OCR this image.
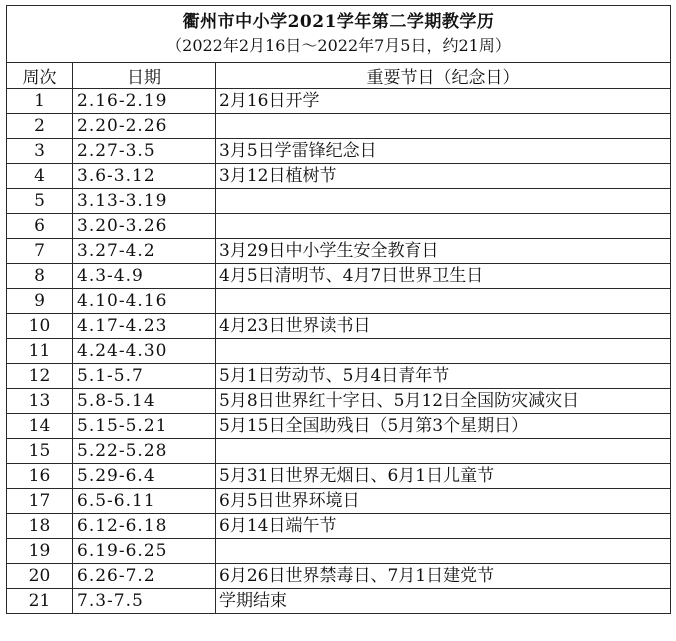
衢州市中小学2021学年第二学期教学历
（2022年2月16日～2022年7月5日，约21周）		

周次	日期	重要节日（纪念日）
1	2.16-2.19	2月16日开学
2	2.20-2.26	
3	2.27-3.5	3月5日学雷锋纪念日
4	3.6-3.12	3月12日植树节
5	3.13-3.19	
6	3.20-3.26	
7	3.27-4.2	3月29日中小学生安全教育日
8	4.3-4.9	4月5日清明节、4月7日世界卫生日
9	4.10-4.16	
10	4.17-4.23	4月23日世界读书日
11	4.24-4.30	
12	5.1-5.7	5月1日劳动节、5月4日青年节
13	5.8-5.14	5月8日世界红十字日、5月12日全国防灾减灾日
14	5.15-5.21	5月15日全国助残日（5月第3个星期日）
15	5.22-5.28	
16	5.29-6.4	5月31日世界无烟日、6月1日儿童节
17	6.5-6.11	6月5日世界环境日
18	6.12-6.18	6月14日端午节
19	6.19-6.25	
20	6.26-7.2	6月26日世界禁毒日、7月1日建党节
21	7.3-7.5	学期结束
